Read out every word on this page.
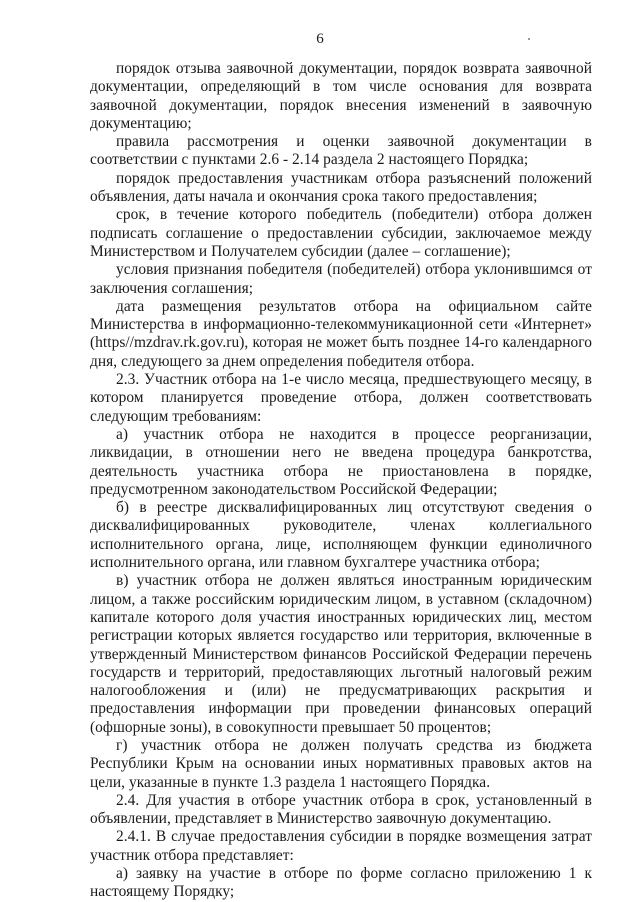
6

порядок отзыва заявочной документации, порядок возврата заявочной документации, определяющий в том числе основания для возврата заявочной документации, порядок внесения изменений в заявочную документацию;

правила рассмотрения и оценки заявочной документации в соответствии с пунктами 2.6 - 2.14 раздела 2 настоящего Порядка;

порядок предоставления участникам отбора разъяснений положений объявления, даты начала и окончания срока такого предоставления;

срок, в течение которого победитель (победители) отбора должен подписать соглашение о предоставлении субсидии, заключаемое между Министерством и Получателем субсидии (далее – соглашение);

условия признания победителя (победителей) отбора уклонившимся от заключения соглашения;

дата размещения результатов отбора на официальном сайте Министерства в информационно-телекоммуникационной сети «Интернет» (https//mzdrav.rk.gov.ru), которая не может быть позднее 14-го календарного дня, следующего за днем определения победителя отбора.

2.3. Участник отбора на 1-е число месяца, предшествующего месяцу, в котором планируется проведение отбора, должен соответствовать следующим требованиям:

а) участник отбора не находится в процессе реорганизации, ликвидации, в отношении него не введена процедура банкротства, деятельность участника отбора не приостановлена в порядке, предусмотренном законодательством Российской Федерации;

б) в реестре дисквалифицированных лиц отсутствуют сведения о дисквалифицированных руководителе, членах коллегиального исполнительного органа, лице, исполняющем функции единоличного исполнительного органа, или главном бухгалтере участника отбора;

в) участник отбора не должен являться иностранным юридическим лицом, а также российским юридическим лицом, в уставном (складочном) капитале которого доля участия иностранных юридических лиц, местом регистрации которых является государство или территория, включенные в утвержденный Министерством финансов Российской Федерации перечень государств и территорий, предоставляющих льготный налоговый режим налогообложения и (или) не предусматривающих раскрытия и предоставления информации при проведении финансовых операций (офшорные зоны), в совокупности превышает 50 процентов;

г) участник отбора не должен получать средства из бюджета Республики Крым на основании иных нормативных правовых актов на цели, указанные в пункте 1.3 раздела 1 настоящего Порядка.

2.4. Для участия в отборе участник отбора в срок, установленный в объявлении, представляет в Министерство заявочную документацию.

2.4.1. В случае предоставления субсидии в порядке возмещения затрат участник отбора представляет:

а) заявку на участие в отборе по форме согласно приложению 1 к настоящему Порядку;
